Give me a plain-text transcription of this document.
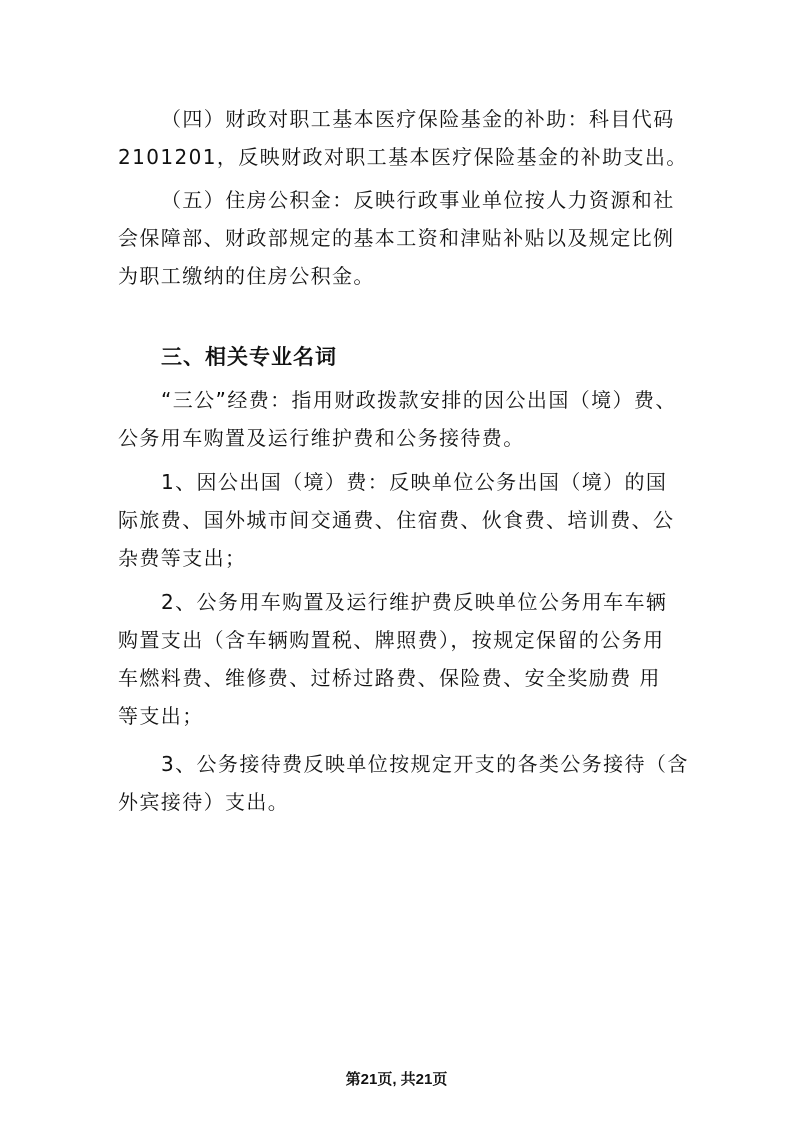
（四）财政对职工基本医疗保险基金的补助：科目代码
2101201，反映财政对职工基本医疗保险基金的补助支出。
（五）住房公积金：反映行政事业单位按人力资源和社
会保障部、财政部规定的基本工资和津贴补贴以及规定比例
为职工缴纳的住房公积金。
三、相关专业名词
“三公”经费：指用财政拨款安排的因公出国（境）费、
公务用车购置及运行维护费和公务接待费。
1、因公出国（境）费：反映单位公务出国（境）的国
际旅费、国外城市间交通费、住宿费、伙食费、培训费、公
杂费等支出；
2、公务用车购置及运行维护费反映单位公务用车车辆
购置支出（含车辆购置税、牌照费），按规定保留的公务用
车燃料费、维修费、过桥过路费、保险费、安全奖励费 用
等支出；
3、公务接待费反映单位按规定开支的各类公务接待（含
外宾接待）支出。
第21页, 共21页
